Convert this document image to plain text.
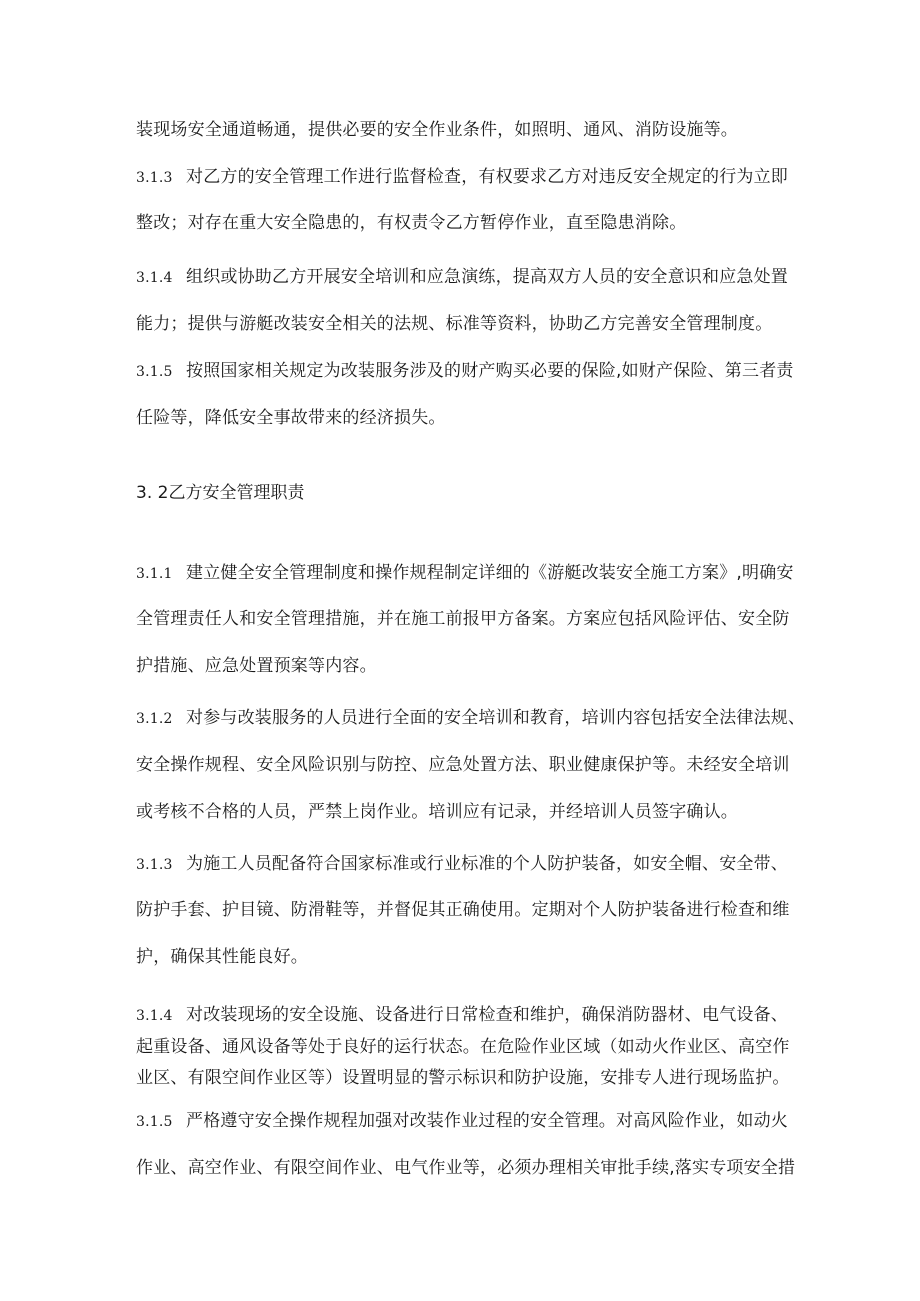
装现场安全通道畅通，提供必要的安全作业条件，如照明、通风、消防设施等。
3.1.3 对乙方的安全管理工作进行监督检查，有权要求乙方对违反安全规定的行为立即
整改；对存在重大安全隐患的，有权责令乙方暂停作业，直至隐患消除。
3.1.4 组织或协助乙方开展安全培训和应急演练，提高双方人员的安全意识和应急处置
能力；提供与游艇改装安全相关的法规、标准等资料，协助乙方完善安全管理制度。
3.1.5 按照国家相关规定为改装服务涉及的财产购买必要的保险,如财产保险、第三者责
任险等，降低安全事故带来的经济损失。
3. 2乙方安全管理职责
3.1.1 建立健全安全管理制度和操作规程制定详细的《游艇改装安全施工方案》,明确安
全管理责任人和安全管理措施，并在施工前报甲方备案。方案应包括风险评估、安全防
护措施、应急处置预案等内容。
3.1.2 对参与改装服务的人员进行全面的安全培训和教育，培训内容包括安全法律法规、
安全操作规程、安全风险识别与防控、应急处置方法、职业健康保护等。未经安全培训
或考核不合格的人员，严禁上岗作业。培训应有记录，并经培训人员签字确认。
3.1.3 为施工人员配备符合国家标准或行业标准的个人防护装备，如安全帽、安全带、
防护手套、护目镜、防滑鞋等，并督促其正确使用。定期对个人防护装备进行检查和维
护，确保其性能良好。
3.1.4 对改装现场的安全设施、设备进行日常检查和维护，确保消防器材、电气设备、
起重设备、通风设备等处于良好的运行状态。在危险作业区域（如动火作业区、高空作
业区、有限空间作业区等）设置明显的警示标识和防护设施，安排专人进行现场监护。
3.1.5 严格遵守安全操作规程加强对改装作业过程的安全管理。对高风险作业，如动火
作业、高空作业、有限空间作业、电气作业等，必须办理相关审批手续,落实专项安全措
